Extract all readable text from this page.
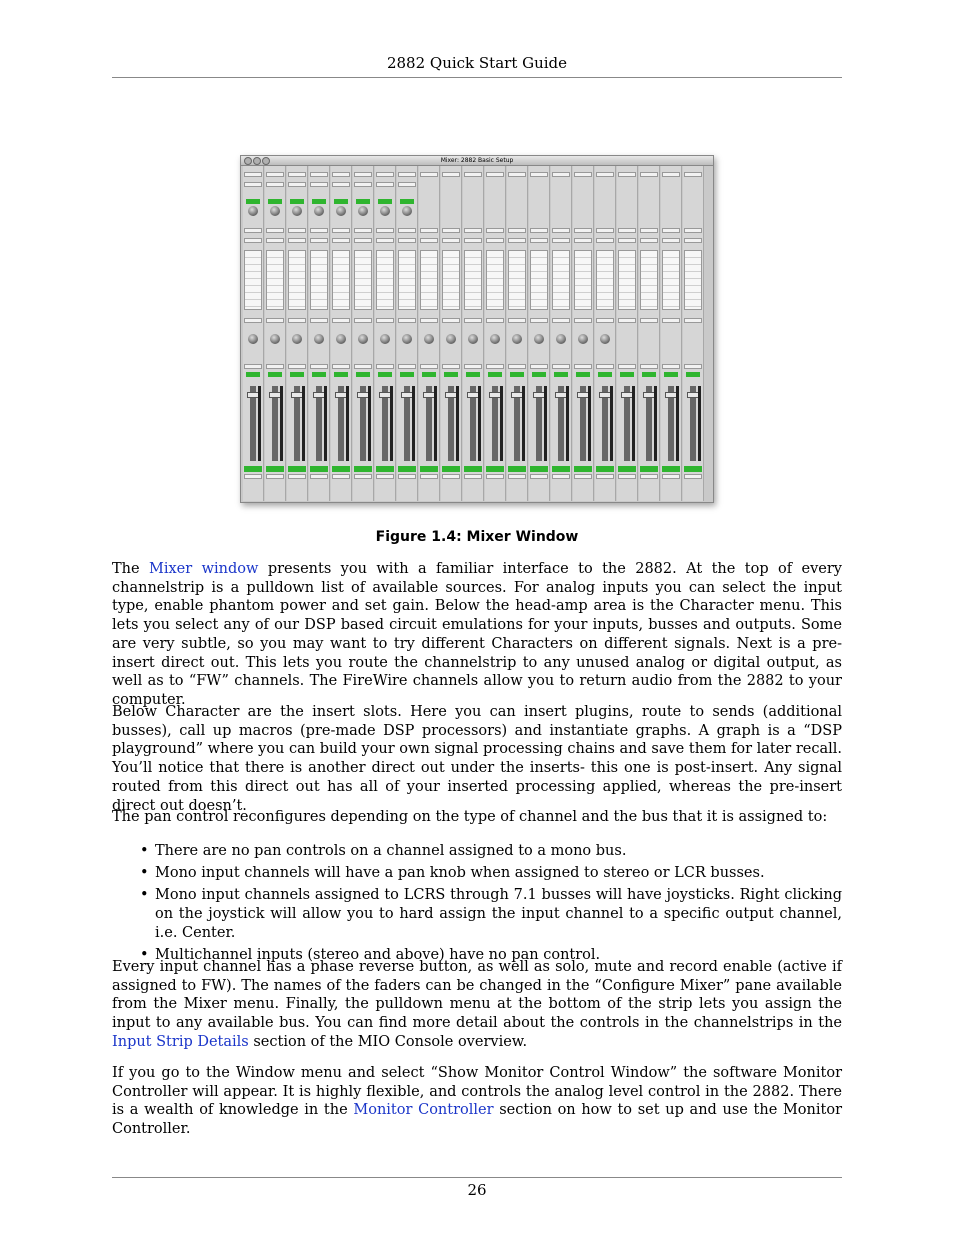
2882 Quick Start Guide
Mixer: 2882 Basic Setup
Figure 1.4: Mixer Window

The Mixer window presents you with a familiar interface to the 2882. At the top of every channelstrip is a pulldown list of available sources. For analog inputs you can select the input type, enable phantom power and set gain. Below the head-amp area is the Character menu. This lets you select any of our DSP based circuit emulations for your inputs, busses and outputs. Some are very subtle, so you may want to try different Characters on different signals. Next is a pre-insert direct out. This lets you route the channelstrip to any unused analog or digital output, as well as to “FW” channels. The FireWire channels allow you to return audio from the 2882 to your computer.

Below Character are the insert slots. Here you can insert plugins, route to sends (additional busses), call up macros (pre-made DSP processors) and instantiate graphs. A graph is a “DSP playground” where you can build your own signal processing chains and save them for later recall. You’ll notice that there is another direct out under the inserts- this one is post-insert. Any signal routed from this direct out has all of your inserted processing applied, whereas the pre-insert direct out doesn’t.

The pan control reconfigures depending on the type of channel and the bus that it is assigned to:

• There are no pan controls on a channel assigned to a mono bus.
• Mono input channels will have a pan knob when assigned to stereo or LCR busses.
• Mono input channels assigned to LCRS through 7.1 busses will have joysticks. Right clicking on the joystick will allow you to hard assign the input channel to a specific output channel, i.e. Center.
• Multichannel inputs (stereo and above) have no pan control.

Every input channel has a phase reverse button, as well as solo, mute and record enable (active if assigned to FW). The names of the faders can be changed in the “Configure Mixer” pane available from the Mixer menu. Finally, the pulldown menu at the bottom of the strip lets you assign the input to any available bus. You can find more detail about the controls in the channelstrips in the Input Strip Details section of the MIO Console overview.

If you go to the Window menu and select “Show Monitor Control Window” the software Monitor Controller will appear. It is highly flexible, and controls the analog level control in the 2882. There is a wealth of knowledge in the Monitor Controller section on how to set up and use the Monitor Controller.

26
